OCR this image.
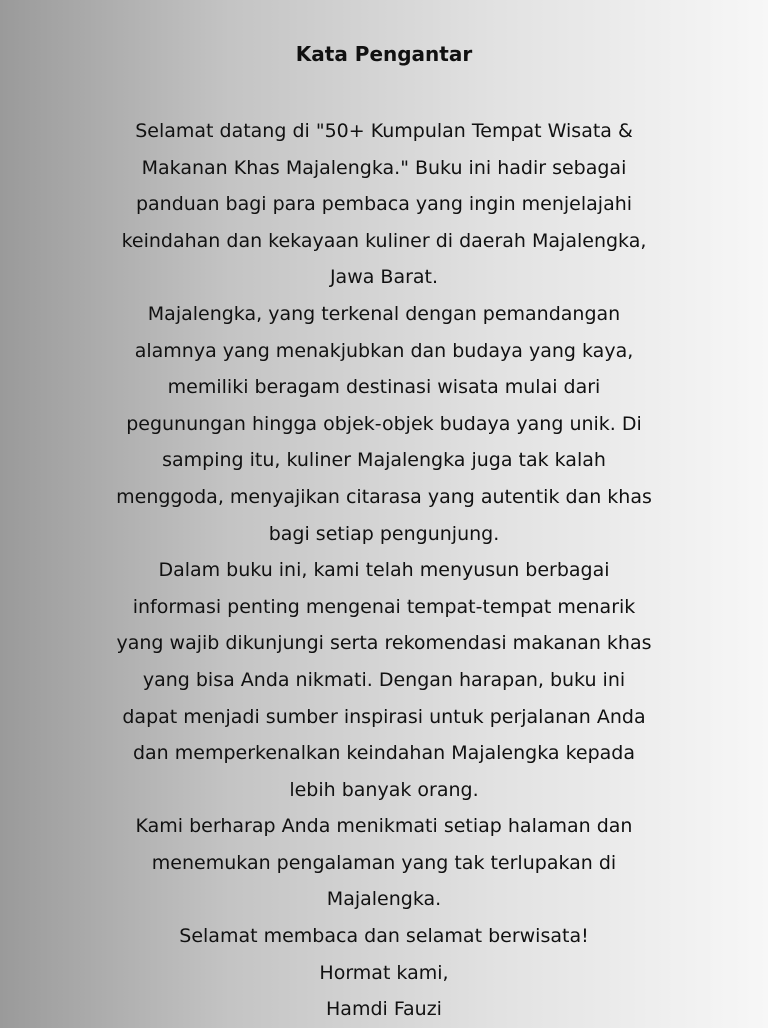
Kata Pengantar

Selamat datang di "50+ Kumpulan Tempat Wisata &

Makanan Khas Majalengka." Buku ini hadir sebagai

panduan bagi para pembaca yang ingin menjelajahi

keindahan dan kekayaan kuliner di daerah Majalengka,

Jawa Barat.

Majalengka, yang terkenal dengan pemandangan

alamnya yang menakjubkan dan budaya yang kaya,

memiliki beragam destinasi wisata mulai dari

pegunungan hingga objek-objek budaya yang unik. Di

samping itu, kuliner Majalengka juga tak kalah

menggoda, menyajikan citarasa yang autentik dan khas

bagi setiap pengunjung.

Dalam buku ini, kami telah menyusun berbagai

informasi penting mengenai tempat-tempat menarik

yang wajib dikunjungi serta rekomendasi makanan khas

yang bisa Anda nikmati. Dengan harapan, buku ini

dapat menjadi sumber inspirasi untuk perjalanan Anda

dan memperkenalkan keindahan Majalengka kepada

lebih banyak orang.

Kami berharap Anda menikmati setiap halaman dan

menemukan pengalaman yang tak terlupakan di

Majalengka.

Selamat membaca dan selamat berwisata!

Hormat kami,

Hamdi Fauzi
